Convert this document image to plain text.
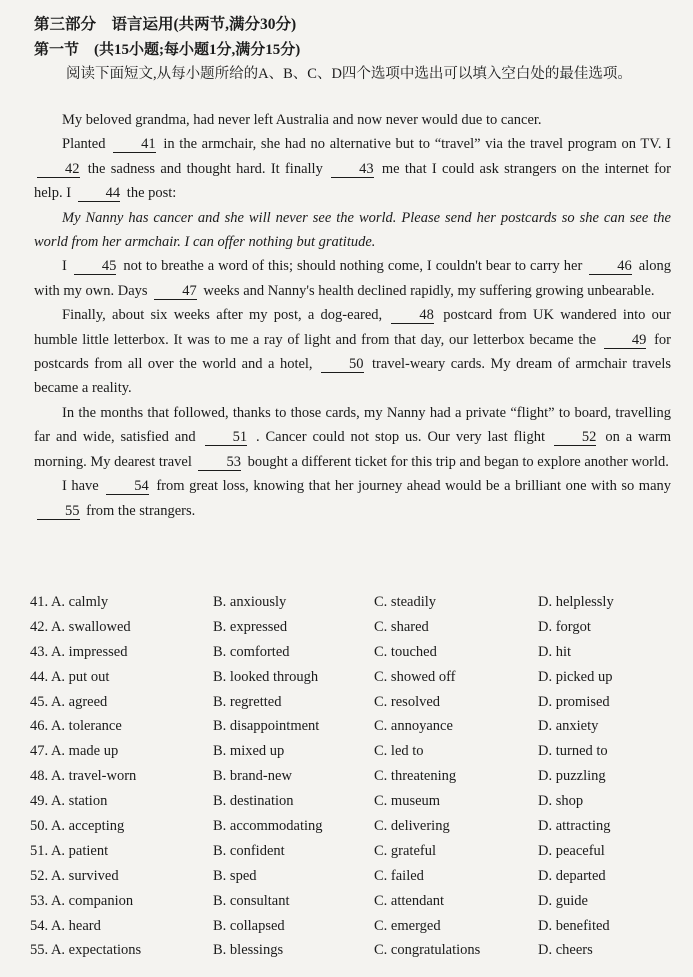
第三部分　语言运用(共两节,满分30分)
第一节　(共15小题;每小题1分,满分15分)
阅读下面短文,从每小题所给的A、B、C、D四个选项中选出可以填入空白处的最佳选项。

My beloved grandma, had never left Australia and now never would due to cancer.

Planted 41 in the armchair, she had no alternative but to “travel” via the travel program on TV. I 42 the sadness and thought hard. It finally	43 me that I could ask strangers on the internet for help. I 44 the post:

My Nanny has cancer and she will never see the world. Please send her postcards so she can see the world from her armchair. I can offer nothing but gratitude.

I 45 not to breathe a word of this; should nothing come, I couldn't bear to carry her 46 along with my own. Days 47 weeks and Nanny's health declined rapidly, my suffering growing unbearable.

Finally, about six weeks after my post, a dog-eared,	48 postcard from UK wandered into our humble little letterbox. It was to me a ray of light and from that day, our letterbox became the 49 for postcards from all over the world and a hotel,	50 travel-weary cards. My dream of armchair travels became a reality.

In the months that followed, thanks to those cards, my Nanny had a private “flight” to board, travelling far and wide, satisfied and	51 . Cancer could not stop us. Our very last flight	52 on a warm morning. My dearest travel 53 bought a different ticket for this trip and began to explore another world.

I have 54 from great loss, knowing that her journey ahead would be a brilliant one with so many 55 from the strangers.

41. A. calmly	B. anxiously	C. steadily	D. helplessly
42. A. swallowed	B. expressed	C. shared	D. forgot
43. A. impressed	B. comforted	C. touched	D. hit
44. A. put out	B. looked through	C. showed off	D. picked up
45. A. agreed	B. regretted	C. resolved	D. promised
46. A. tolerance	B. disappointment	C. annoyance	D. anxiety
47. A. made up	B. mixed up	C. led to	D. turned to
48. A. travel-worn	B. brand-new	C. threatening	D. puzzling
49. A. station	B. destination	C. museum	D. shop
50. A. accepting	B. accommodating	C. delivering	D. attracting
51. A. patient	B. confident	C. grateful	D. peaceful
52. A. survived	B. sped	C. failed	D. departed
53. A. companion	B. consultant	C. attendant	D. guide
54. A. heard	B. collapsed	C. emerged	D. benefited
55. A. expectations	B. blessings	C. congratulations	D. cheers
